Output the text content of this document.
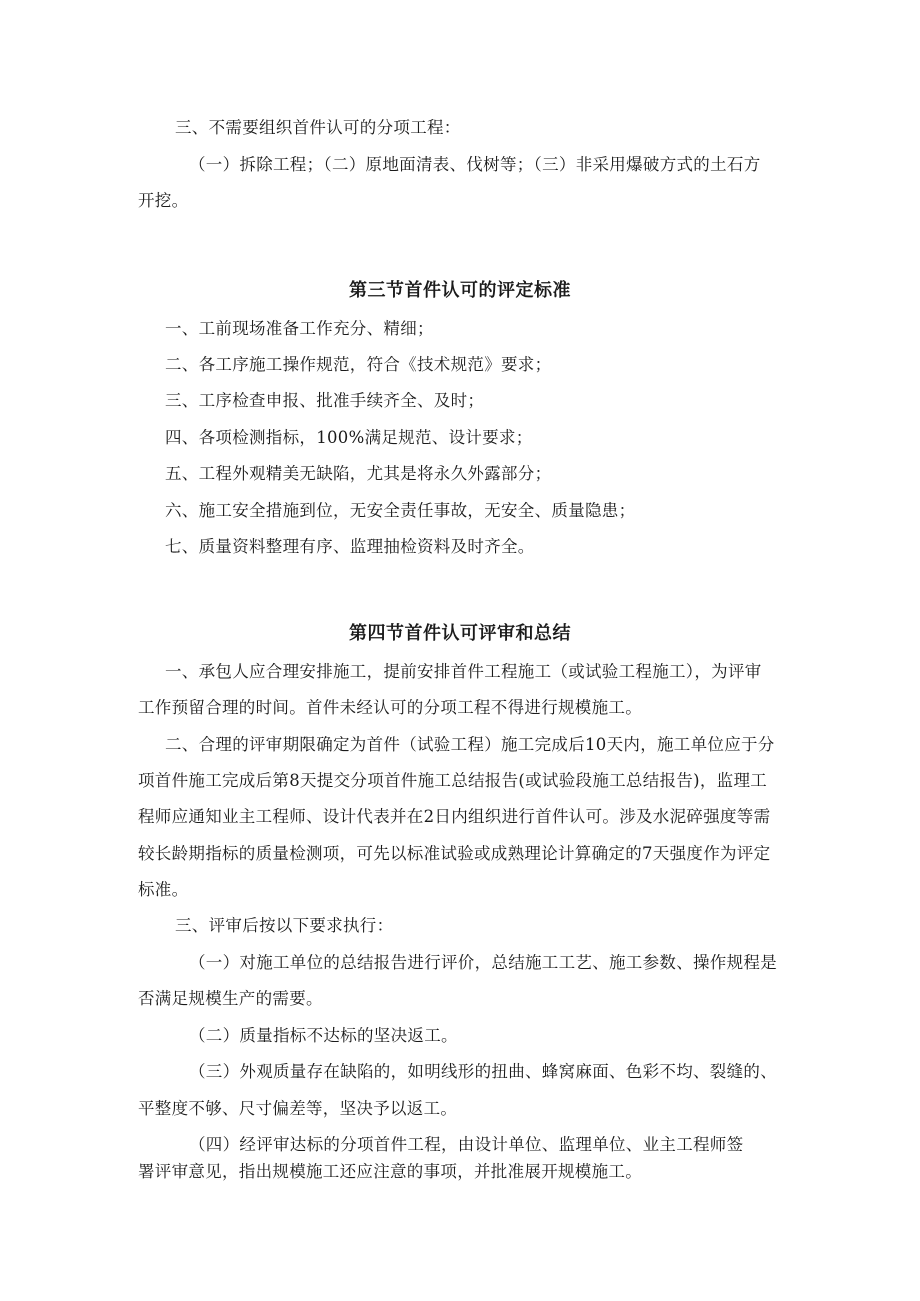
三、不需要组织首件认可的分项工程：
（一）拆除工程；（二）原地面清表、伐树等；（三）非采用爆破方式的土石方
开挖。
第三节首件认可的评定标准
一、工前现场准备工作充分、精细；
二、各工序施工操作规范，符合《技术规范》要求；
三、工序检查申报、批准手续齐全、及时；
四、各项检测指标，100%满足规范、设计要求；
五、工程外观精美无缺陷，尤其是将永久外露部分；
六、施工安全措施到位，无安全责任事故，无安全、质量隐患；
七、质量资料整理有序、监理抽检资料及时齐全。
第四节首件认可评审和总结
一、承包人应合理安排施工，提前安排首件工程施工（或试验工程施工），为评审
工作预留合理的时间。首件未经认可的分项工程不得进行规模施工。
二、合理的评审期限确定为首件（试验工程）施工完成后10天内，施工单位应于分
项首件施工完成后第8天提交分项首件施工总结报告(或试验段施工总结报告)，监理工
程师应通知业主工程师、设计代表并在2日内组织进行首件认可。涉及水泥碎强度等需
较长龄期指标的质量检测项，可先以标准试验或成熟理论计算确定的7天强度作为评定
标准。
三、评审后按以下要求执行：
（一）对施工单位的总结报告进行评价，总结施工工艺、施工参数、操作规程是
否满足规模生产的需要。
（二）质量指标不达标的坚决返工。
（三）外观质量存在缺陷的，如明线形的扭曲、蜂窝麻面、色彩不均、裂缝的、
平整度不够、尺寸偏差等，坚决予以返工。
（四）经评审达标的分项首件工程，由设计单位、监理单位、业主工程师签
署评审意见，指出规模施工还应注意的事项，并批准展开规模施工。
